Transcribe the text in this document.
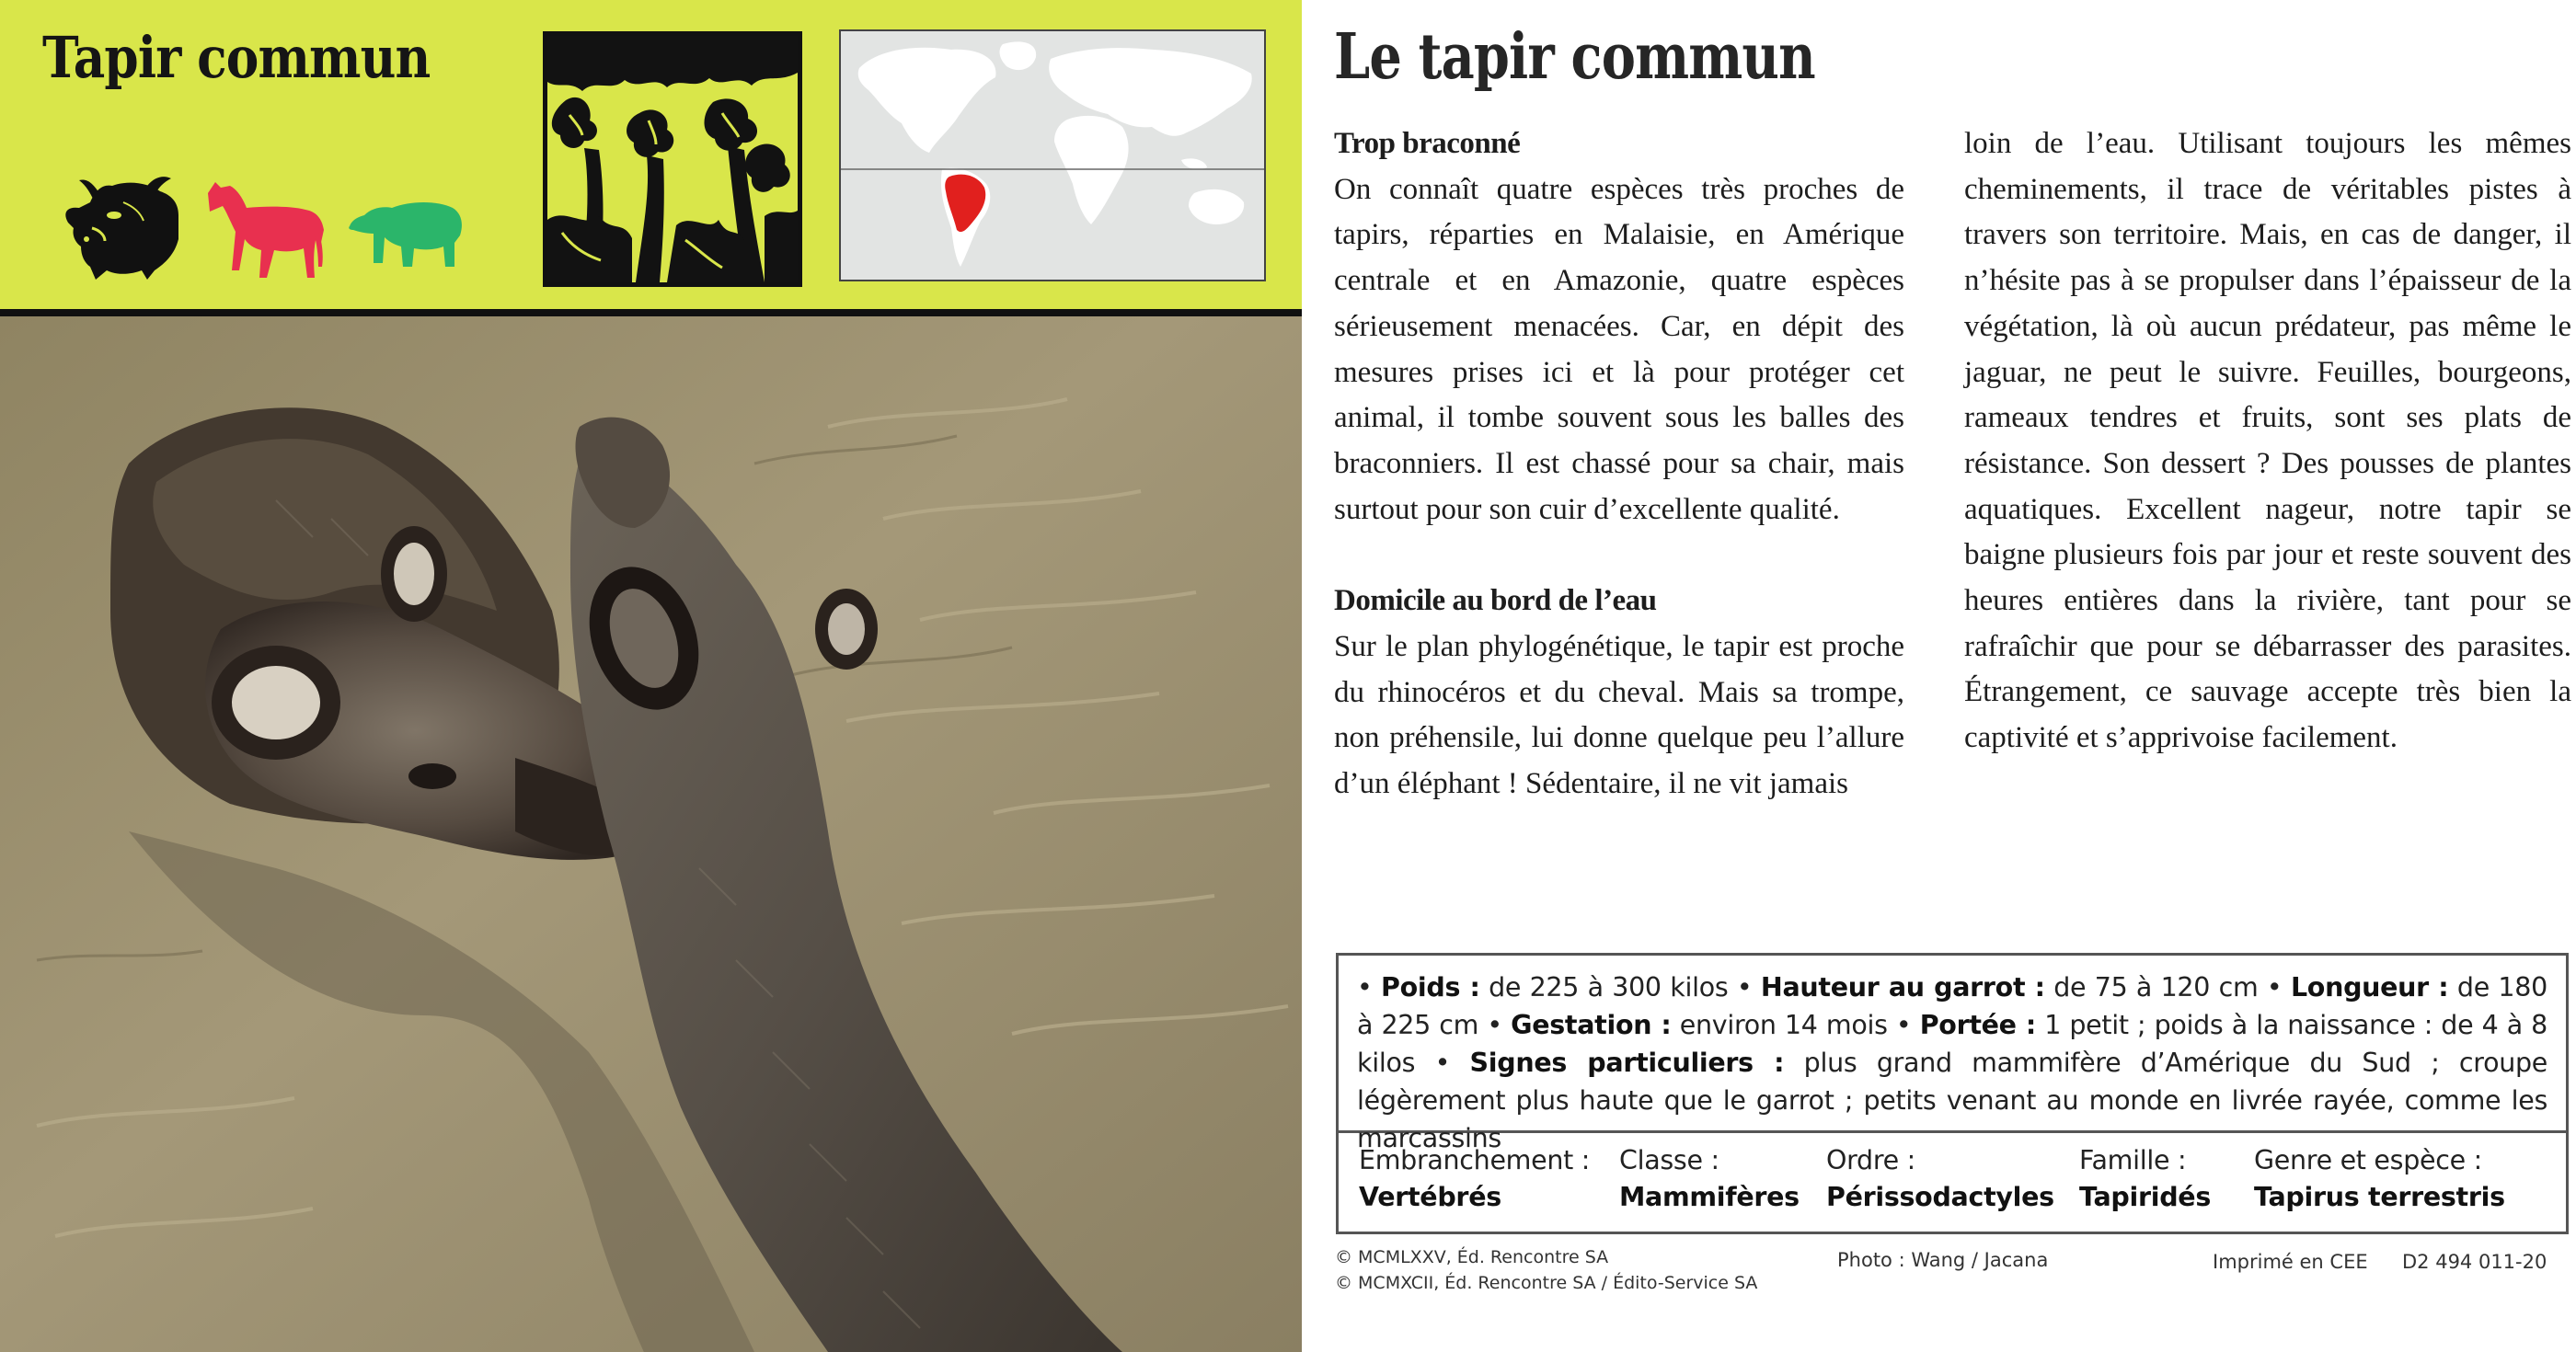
Tapir commun	Le tapir commun
Trop braconné

On connaît quatre espèces très proches de tapirs, réparties en Malaisie, en Amérique centrale et en Amazonie, quatre espèces sérieusement menacées. Car, en dépit des mesures prises ici et là pour protéger cet animal, il tombe souvent sous les balles des braconniers. Il est chassé pour sa chair, mais surtout pour son cuir d’excellente qualité.

Domicile au bord de l’eau

Sur le plan phylogénétique, le tapir est proche du rhinocéros et du cheval. Mais sa trompe, non préhensile, lui donne quelque peu l’allure d’un éléphant ! Sédentaire, il ne vit jamais

loin de l’eau. Utilisant toujours les mêmes cheminements, il trace de véritables pistes à travers son territoire. Mais, en cas de danger, il n’hésite pas à se propulser dans l’épaisseur de la végétation, là où aucun prédateur, pas même le jaguar, ne peut le suivre. Feuilles, bourgeons, rameaux tendres et fruits, sont ses plats de résistance. Son dessert ? Des pousses de plantes aquatiques. Excellent nageur, notre tapir se baigne plusieurs fois par jour et reste souvent des heures entières dans la rivière, tant pour se rafraîchir que pour se débarrasser des parasites. Étrangement, ce sauvage accepte très bien la captivité et s’apprivoise facilement.

• Poids : de 225 à 300 kilos • Hauteur au garrot : de 75 à 120 cm • Longueur : de 180 à 225 cm • Gestation : environ 14 mois • Portée : 1 petit ; poids à la naissance : de 4 à 8 kilos • Signes particuliers : plus grand mammifère d’Amérique du Sud ; croupe légèrement plus haute que le garrot ; petits venant au monde en livrée rayée, comme les marcassins
Embranchement :
Vertébrés
Classe :
Mammifères
Ordre :
Périssodactyles
Famille :
Tapiridés
Genre et espèce :
Tapirus terrestris
© MCMLXXV, Éd. Rencontre SA
© MCMXCII, Éd. Rencontre SA / Édito-Service SA
Photo : Wang / Jacana	Imprimé en CEE D2 494 011-20
